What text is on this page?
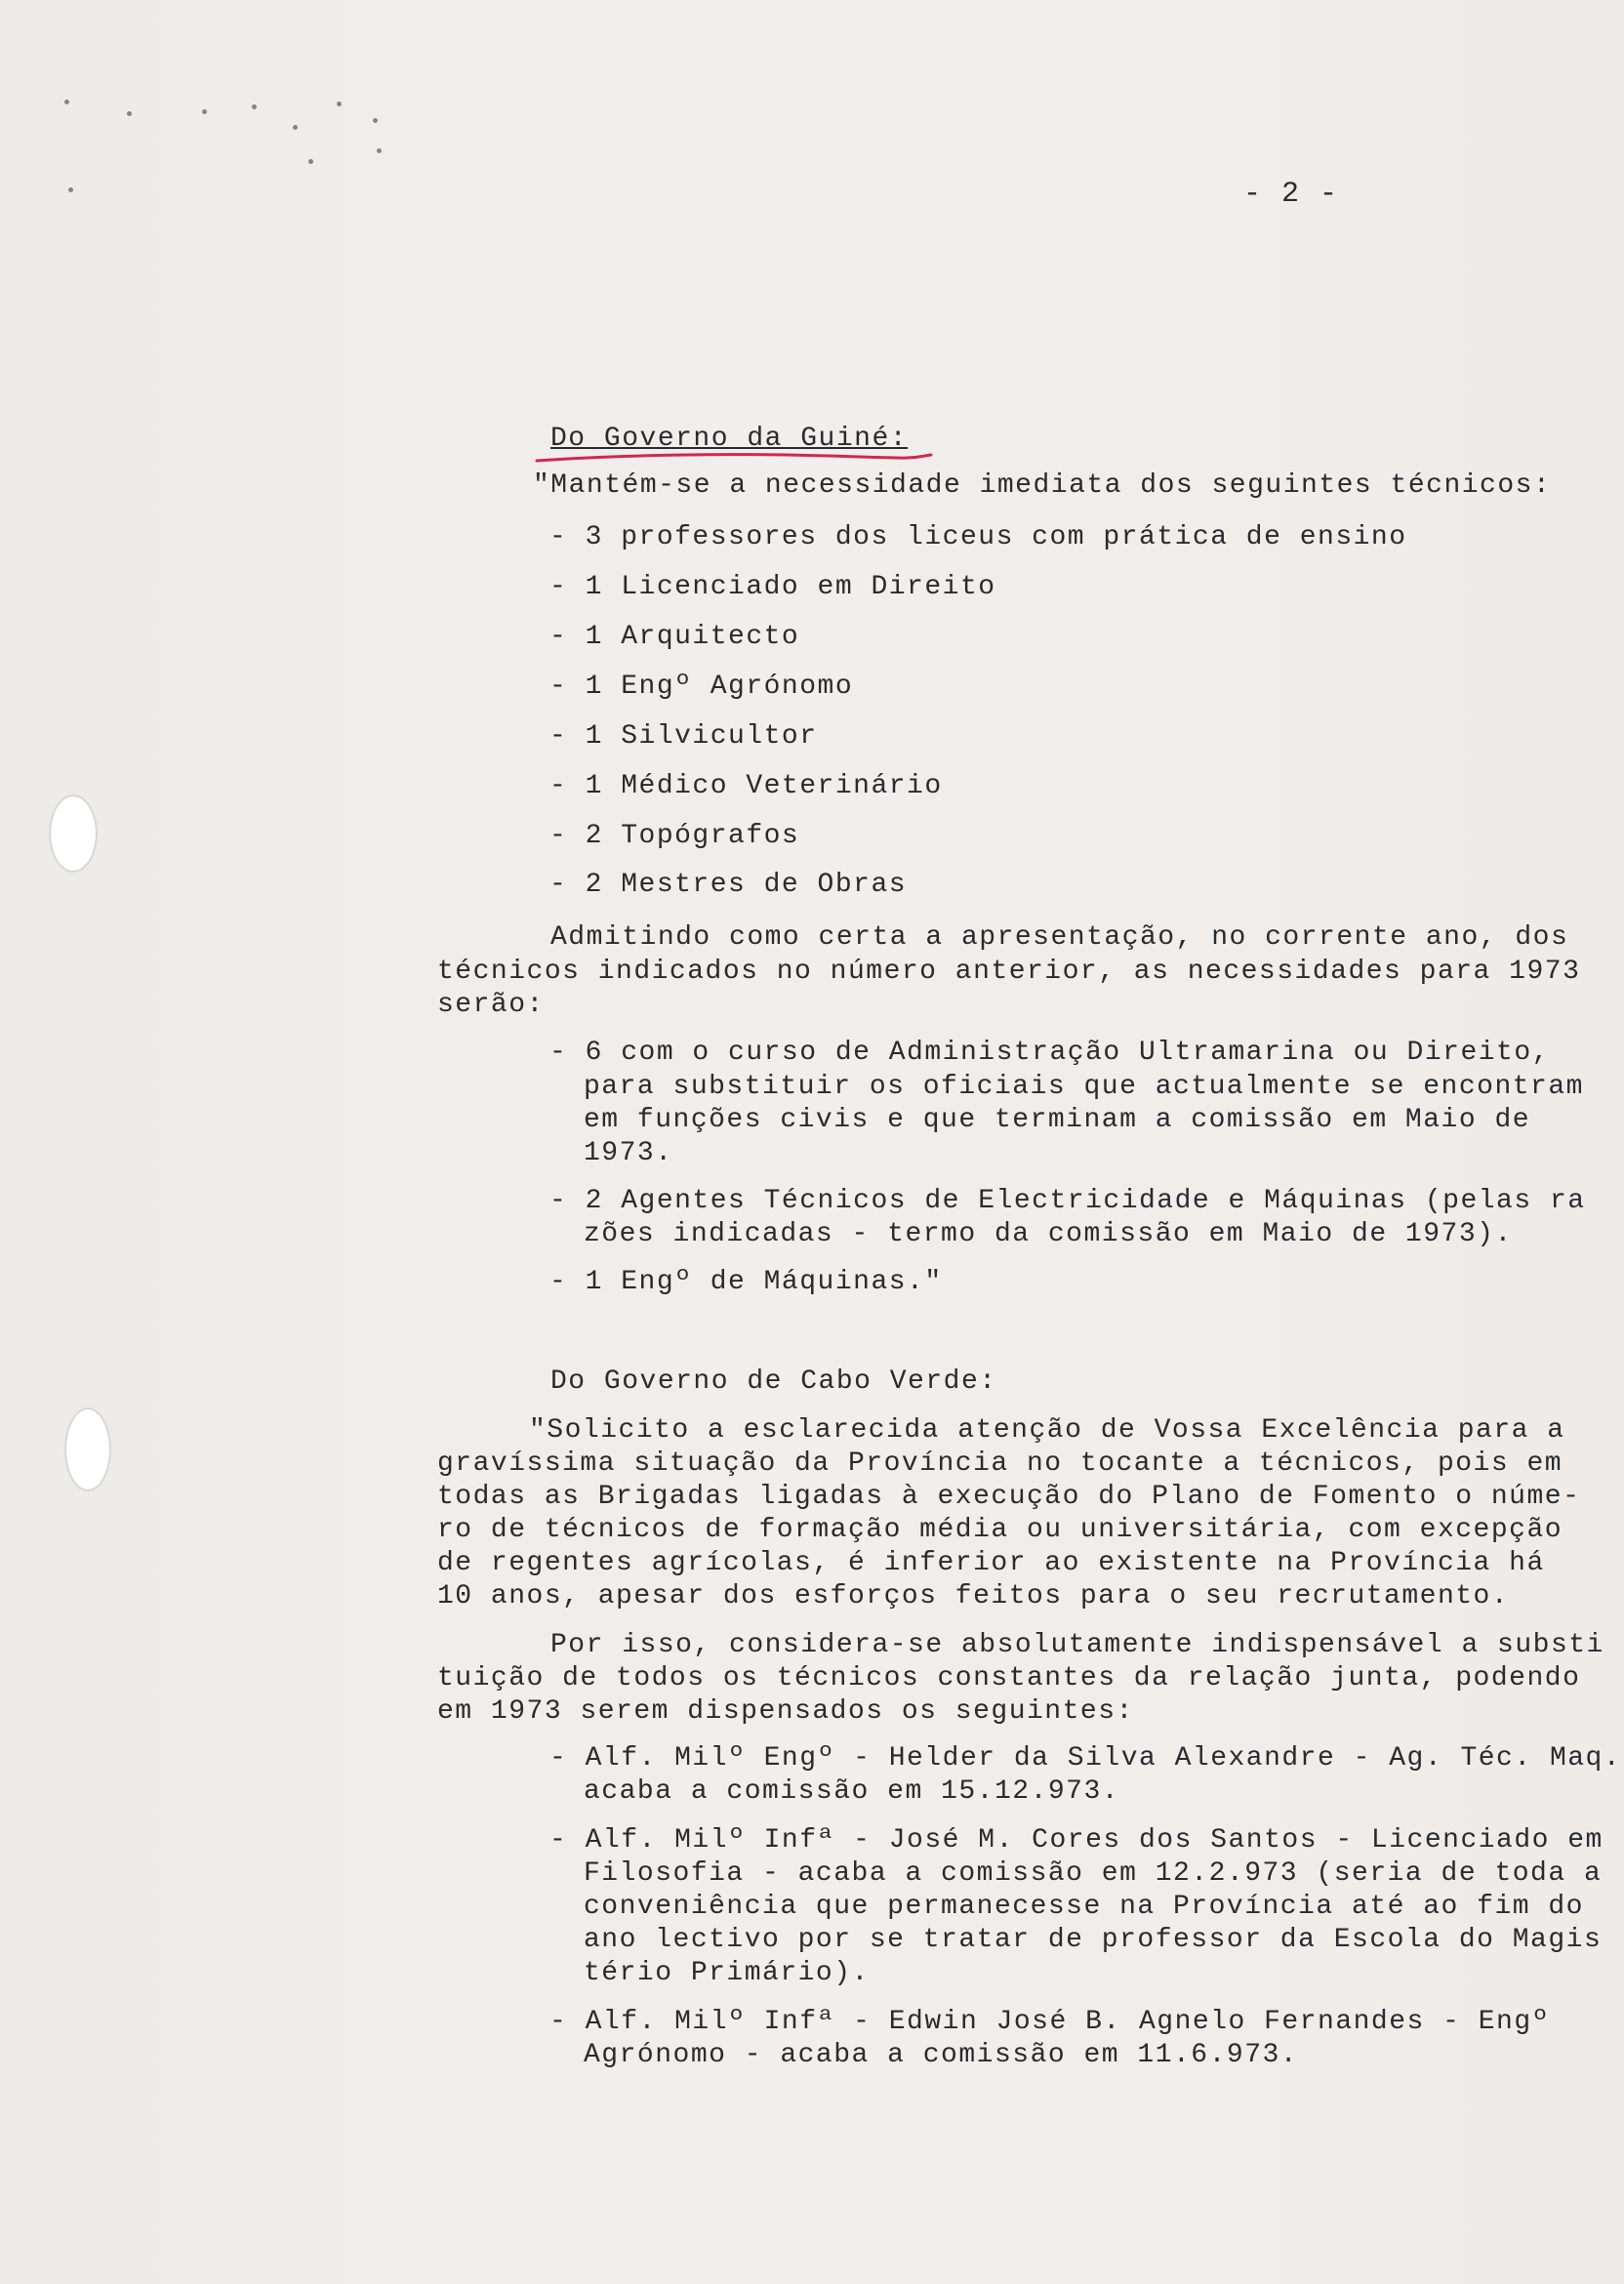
- 2 -
Do Governo da Guiné:
"Mantém-se a necessidade imediata dos seguintes técnicos:
- 3 professores dos liceus com prática de ensino
- 1 Licenciado em Direito
- 1 Arquitecto
- 1 Engº Agrónomo
- 1 Silvicultor
- 1 Médico Veterinário
- 2 Topógrafos
- 2 Mestres de Obras
Admitindo como certa a apresentação, no corrente ano, dos
técnicos indicados no número anterior, as necessidades para 1973
serão:
- 6 com o curso de Administração Ultramarina ou Direito,
para substituir os oficiais que actualmente se encontram
em funções civis e que terminam a comissão em Maio de
1973.
- 2 Agentes Técnicos de Electricidade e Máquinas (pelas ra
zões indicadas - termo da comissão em Maio de 1973).
- 1 Engº de Máquinas."
Do Governo de Cabo Verde:
"Solicito a esclarecida atenção de Vossa Excelência para a
gravíssima situação da Província no tocante a técnicos, pois em
todas as Brigadas ligadas à execução do Plano de Fomento o núme-
ro de técnicos de formação média ou universitária, com excepção
de regentes agrícolas, é inferior ao existente na Província há
10 anos, apesar dos esforços feitos para o seu recrutamento.
Por isso, considera-se absolutamente indispensável a substi
tuição de todos os técnicos constantes da relação junta, podendo
em 1973 serem dispensados os seguintes:
- Alf. Milº Engº - Helder da Silva Alexandre - Ag. Téc. Maq.
acaba a comissão em 15.12.973.
- Alf. Milº Infª - José M. Cores dos Santos - Licenciado em
Filosofia - acaba a comissão em 12.2.973 (seria de toda a
conveniência que permanecesse na Província até ao fim do
ano lectivo por se tratar de professor da Escola do Magis
tério Primário).
- Alf. Milº Infª - Edwin José B. Agnelo Fernandes - Engº
Agrónomo - acaba a comissão em 11.6.973.
